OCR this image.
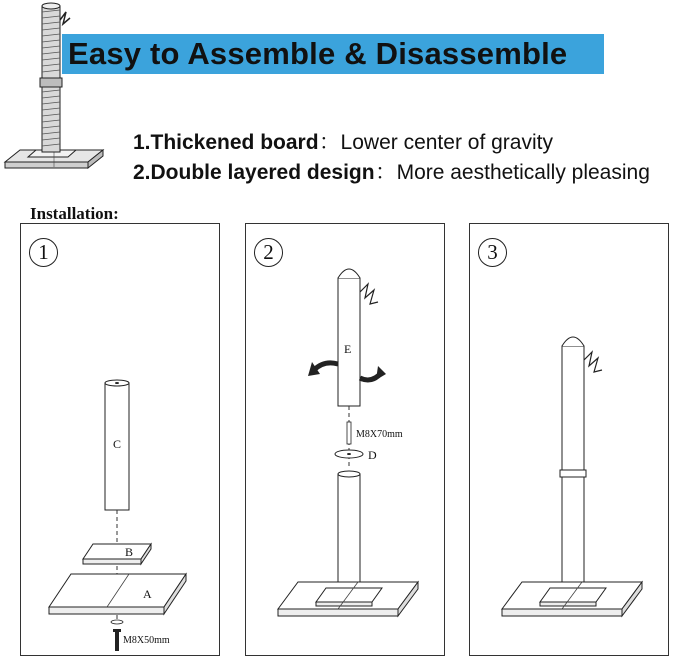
Easy to Assemble & Disassemble
1.Thickened board：Lower center of gravity
2.Double layered design：More aesthetically pleasing
Installation:
1
C
B
A
M8X50mm
2
E
M8X70mm
D
3
